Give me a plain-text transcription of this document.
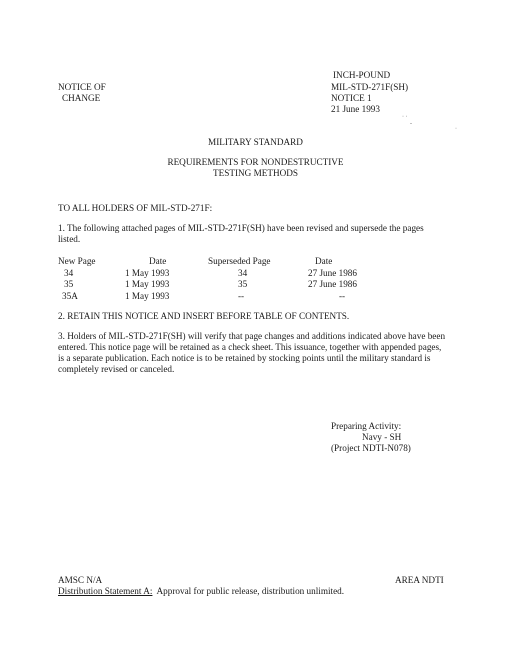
NOTICE OF
CHANGE
INCH-POUND
MIL-STD-271F(SH)
NOTICE 1
21 June 1993
· ·
-
·
MILITARY STANDARD
REQUIREMENTS FOR NONDESTRUCTIVE
TESTING METHODS
TO ALL HOLDERS OF MIL-STD-271F:
1. The following attached pages of MIL-STD-271F(SH) have been revised and supersede the pages listed.
New Page	Date	Superseded Page	Date
34	1 May 1993	34	27 June 1986
35	1 May 1993	35	27 June 1986
35A	1 May 1993	--	--
2. RETAIN THIS NOTICE AND INSERT BEFORE TABLE OF CONTENTS.
3. Holders of MIL-STD-271F(SH) will verify that page changes and additions indicated above have been entered. This notice page will be retained as a check sheet. This issuance, together with appended pages, is a separate publication. Each notice is to be retained by stocking points until the military standard is completely revised or canceled.
Preparing Activity:
Navy - SH
(Project NDTI-N078)
AMSC N/A	AREA NDTI
Distribution Statement A:  Approval for public release, distribution unlimited.
